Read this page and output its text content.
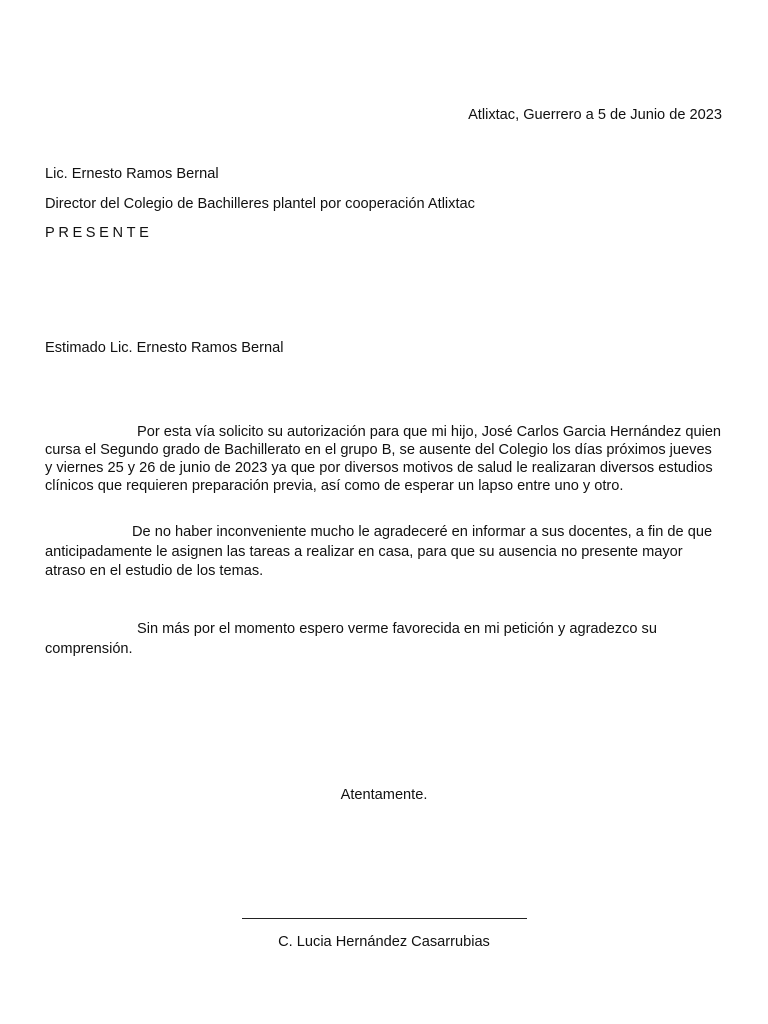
Atlixtac, Guerrero a 5 de Junio de 2023
Lic. Ernesto Ramos Bernal
Director del Colegio de Bachilleres plantel por cooperación Atlixtac
PRESENTE
Estimado Lic. Ernesto Ramos Bernal
Por esta vía solicito su autorización para que mi hijo, José Carlos Garcia Hernández quien cursa el Segundo grado de Bachillerato en el grupo B, se ausente del Colegio los días próximos jueves y viernes 25 y 26 de junio de 2023 ya que por diversos motivos de salud le realizaran diversos estudios clínicos que requieren preparación previa, así como de esperar un lapso entre uno y otro.
De no haber inconveniente mucho le agradeceré en informar a sus docentes, a fin de que anticipadamente le asignen las tareas a realizar en casa, para que su ausencia no presente mayor atraso en el estudio de los temas.
Sin más por el momento espero verme favorecida en mi petición y agradezco su comprensión.
Atentamente.
C. Lucia Hernández Casarrubias
